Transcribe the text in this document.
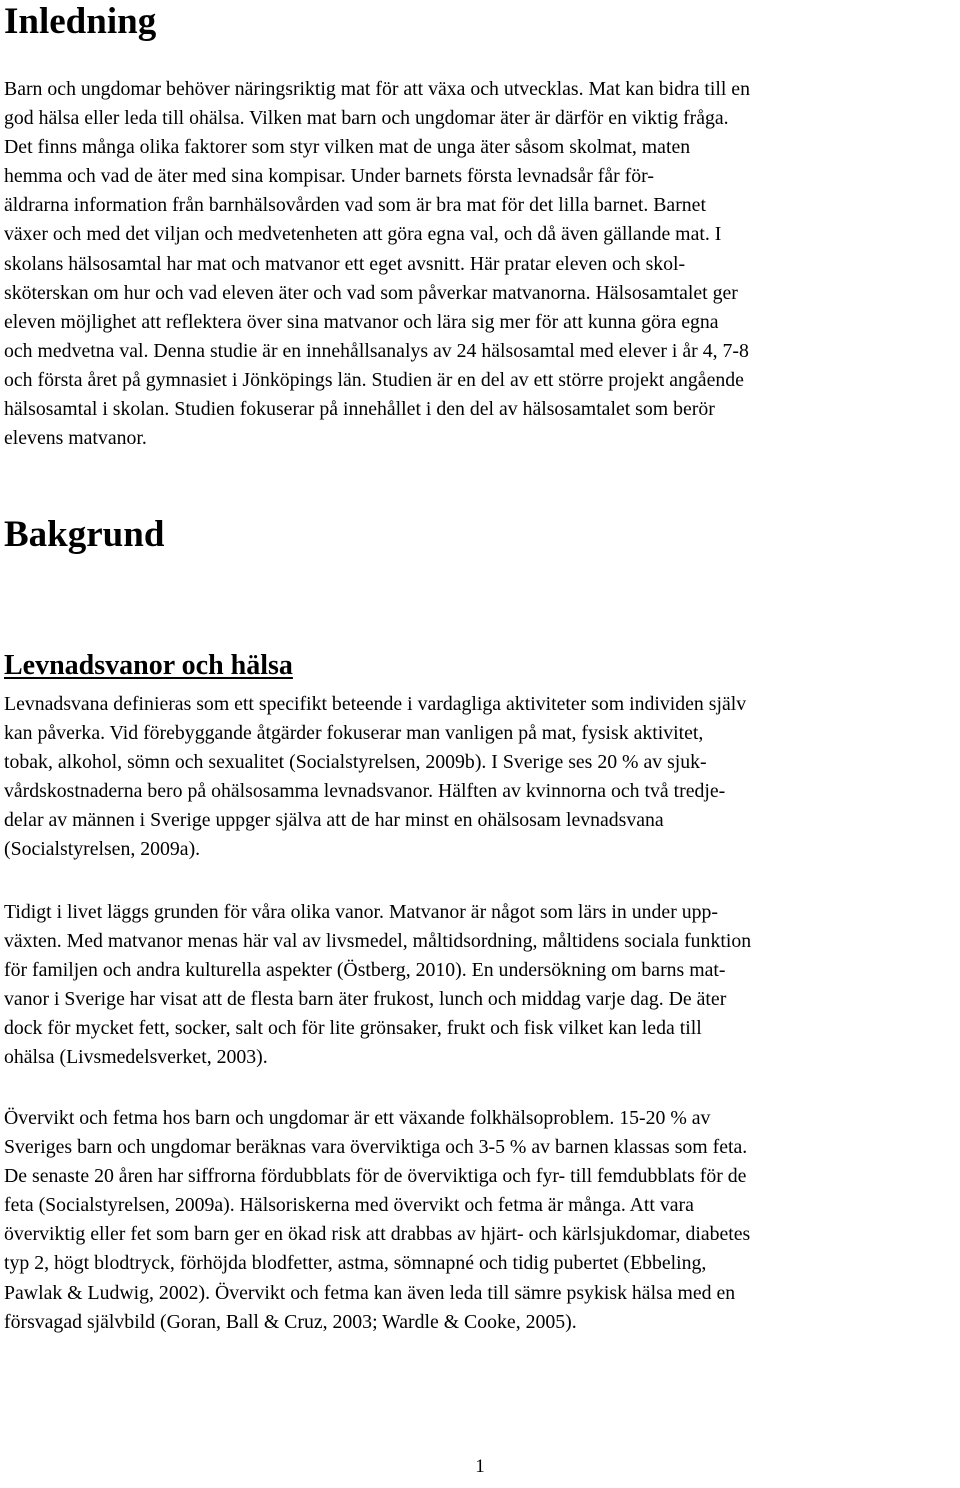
Inledning

Barn och ungdomar behöver näringsriktig mat för att växa och utvecklas. Mat kan bidra till en
god hälsa eller leda till ohälsa. Vilken mat barn och ungdomar äter är därför en viktig fråga.
Det finns många olika faktorer som styr vilken mat de unga äter såsom skolmat, maten
hemma och vad de äter med sina kompisar. Under barnets första levnadsår får för-
äldrarna information från barnhälsovården vad som är bra mat för det lilla barnet. Barnet
växer och med det viljan och medvetenheten att göra egna val, och då även gällande mat. I
skolans hälsosamtal har mat och matvanor ett eget avsnitt. Här pratar eleven och skol-
sköterskan om hur och vad eleven äter och vad som påverkar matvanorna. Hälsosamtalet ger
eleven möjlighet att reflektera över sina matvanor och lära sig mer för att kunna göra egna
och medvetna val. Denna studie är en innehållsanalys av 24 hälsosamtal med elever i år 4, 7-8
och första året på gymnasiet i Jönköpings län. Studien är en del av ett större projekt angående
hälsosamtal i skolan. Studien fokuserar på innehållet i den del av hälsosamtalet som berör
elevens matvanor.

Bakgrund
Levnadsvanor och hälsa

Levnadsvana definieras som ett specifikt beteende i vardagliga aktiviteter som individen själv
kan påverka. Vid förebyggande åtgärder fokuserar man vanligen på mat, fysisk aktivitet,
tobak, alkohol, sömn och sexualitet (Socialstyrelsen, 2009b). I Sverige ses 20 % av sjuk-
vårdskostnaderna bero på ohälsosamma levnadsvanor. Hälften av kvinnorna och två tredje-
delar av männen i Sverige uppger själva att de har minst en ohälsosam levnadsvana
(Socialstyrelsen, 2009a).

Tidigt i livet läggs grunden för våra olika vanor. Matvanor är något som lärs in under upp-
växten. Med matvanor menas här val av livsmedel, måltidsordning, måltidens sociala funktion
för familjen och andra kulturella aspekter (Östberg, 2010). En undersökning om barns mat-
vanor i Sverige har visat att de flesta barn äter frukost, lunch och middag varje dag. De äter
dock för mycket fett, socker, salt och för lite grönsaker, frukt och fisk vilket kan leda till
ohälsa (Livsmedelsverket, 2003).

Övervikt och fetma hos barn och ungdomar är ett växande folkhälsoproblem. 15-20 % av
Sveriges barn och ungdomar beräknas vara överviktiga och 3-5 % av barnen klassas som feta.
De senaste 20 åren har siffrorna fördubblats för de överviktiga och fyr- till femdubblats för de
feta (Socialstyrelsen, 2009a). Hälsoriskerna med övervikt och fetma är många. Att vara
överviktig eller fet som barn ger en ökad risk att drabbas av hjärt- och kärlsjukdomar, diabetes
typ 2, högt blodtryck, förhöjda blodfetter, astma, sömnapné och tidig pubertet (Ebbeling,
Pawlak & Ludwig, 2002). Övervikt och fetma kan även leda till sämre psykisk hälsa med en
försvagad självbild (Goran, Ball & Cruz, 2003; Wardle & Cooke, 2005).

1
